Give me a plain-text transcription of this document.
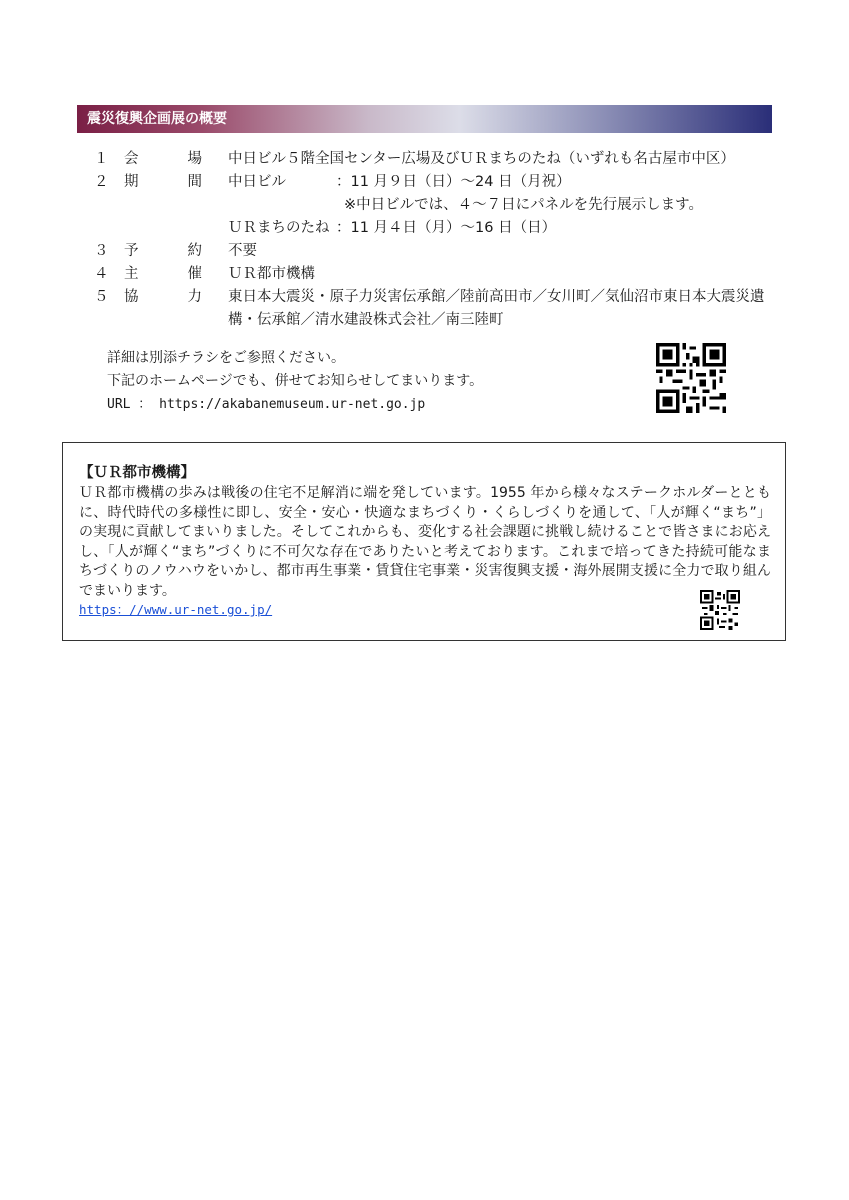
震災復興企画展の概要
１	会	場 中日ビル５階全国センター広場及びＵＲまちのたね（いずれも名古屋市中区）
２	期	間 中日ビル	：11 月９日（日）～24 日（月祝）
※中日ビルでは、４～７日にパネルを先行展示します。
ＵＲまちのたね ：11 月４日（月）～16 日（日）
３	予	約 不要
４	主	催 ＵＲ都市機構
５	協	力 東日本大震災・原子力災害伝承館／陸前高田市／女川町／気仙沼市東日本大震災遺
構・伝承館／清水建設株式会社／南三陸町
詳細は別添チラシをご参照ください。
下記のホームページでも、併せてお知らせしてまいります。
URL ： https://akabanemuseum.ur-net.go.jp
【ＵＲ都市機構】
ＵＲ都市機構の歩みは戦後の住宅不足解消に端を発しています。1955 年から様々なステークホルダーとともに、時代時代の多様性に即し、安全・安心・快適なまちづくり・くらしづくりを通して、「人が輝く“まち”」の実現に貢献してまいりました。そしてこれからも、変化する社会課題に挑戦し続けることで皆さまにお応えし、「人が輝く“まち”づくりに不可欠な存在でありたいと考えております。これまで培ってきた持続可能なまちづくりのノウハウをいかし、都市再生事業・賃貸住宅事業・災害復興支援・海外展開支援に全力で取り組んでまいります。
https：//www.ur-net.go.jp/
